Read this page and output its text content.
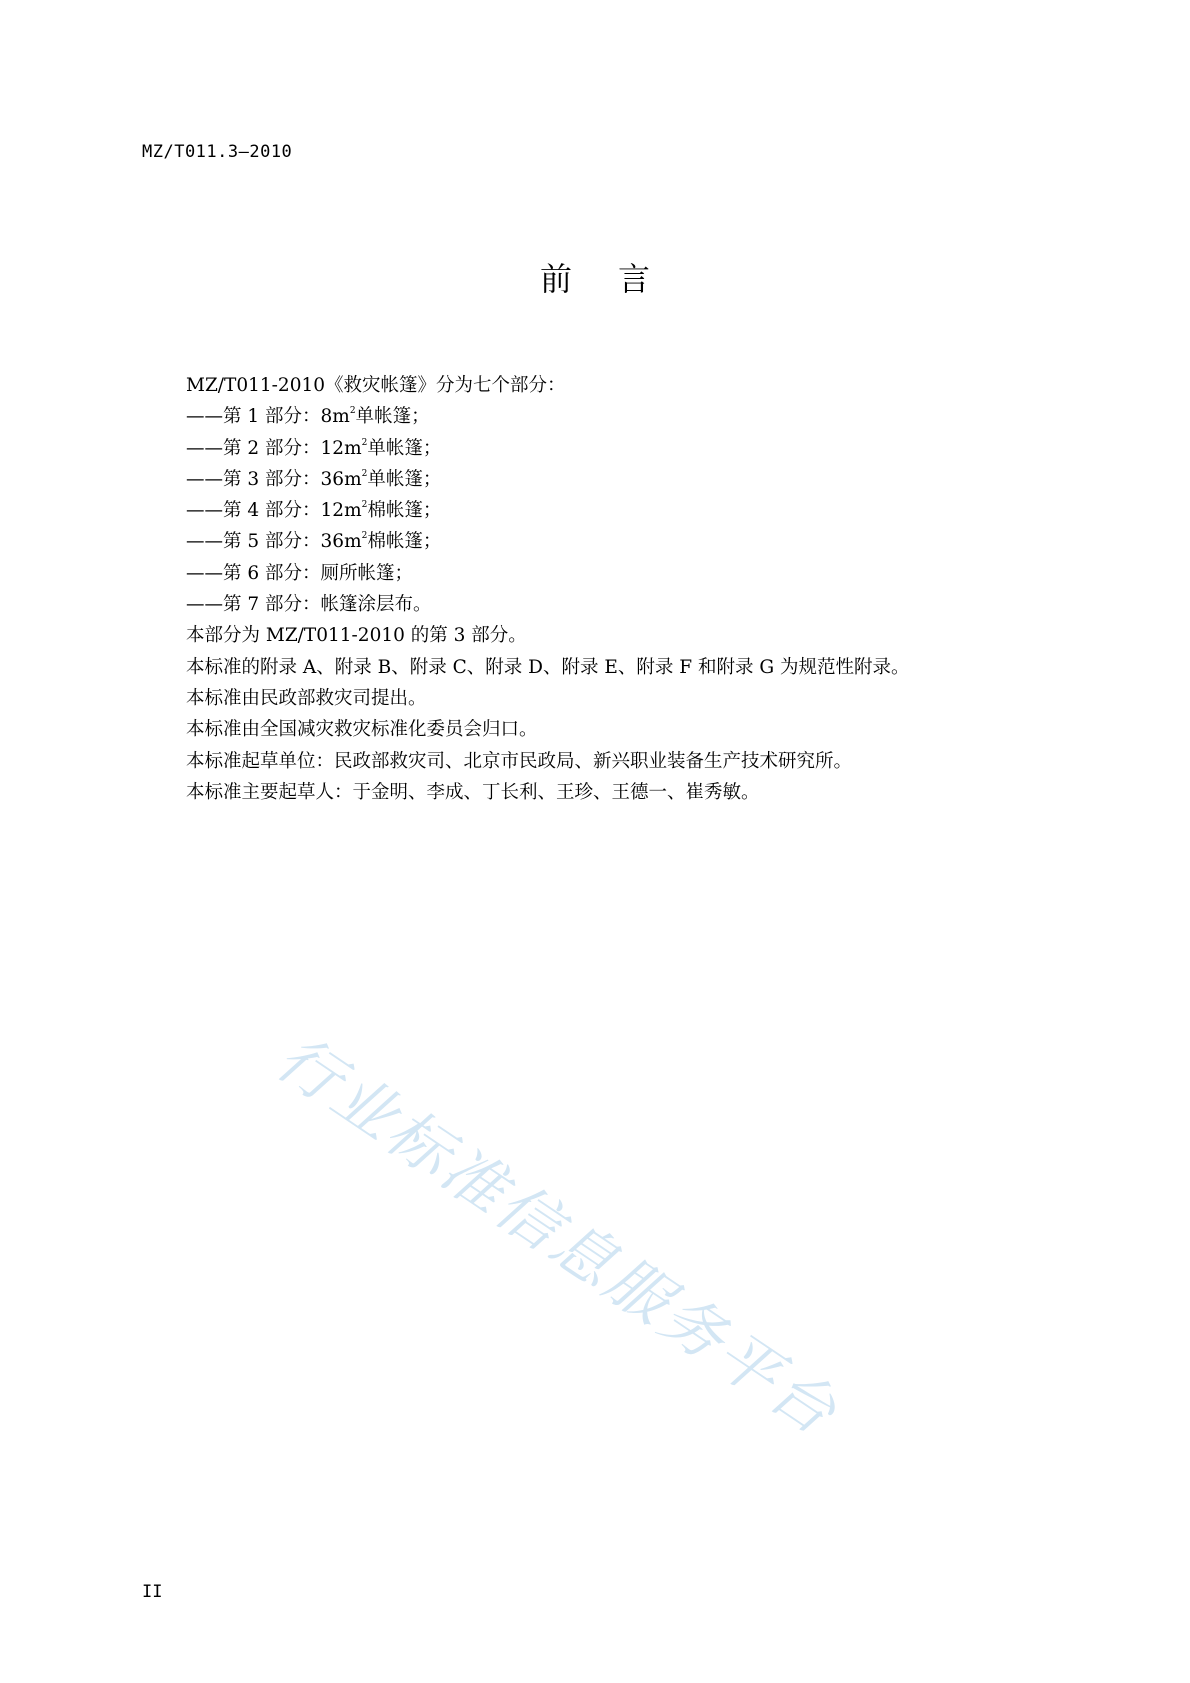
MZ/T011.3—2010
前言

MZ/T011-2010《救灾帐篷》分为七个部分：

——第 1 部分：$8m^2$单帐篷；

——第 2 部分：$12m^2$单帐篷；

——第 3 部分：$36m^2$单帐篷；

——第 4 部分：$12m^2$棉帐篷；

——第 5 部分：$36m^2$棉帐篷；

——第 6 部分：厕所帐篷；

——第 7 部分：帐篷涂层布。

本部分为 MZ/T011-2010 的第 3 部分。

本标准的附录 A、附录 B、附录 C、附录 D、附录 E、附录 F 和附录 G 为规范性附录。

本标准由民政部救灾司提出。

本标准由全国减灾救灾标准化委员会归口。

本标准起草单位：民政部救灾司、北京市民政局、新兴职业装备生产技术研究所。

本标准主要起草人：于金明、李成、丁长利、王珍、王德一、崔秀敏。

行业标准信息服务平台
II
